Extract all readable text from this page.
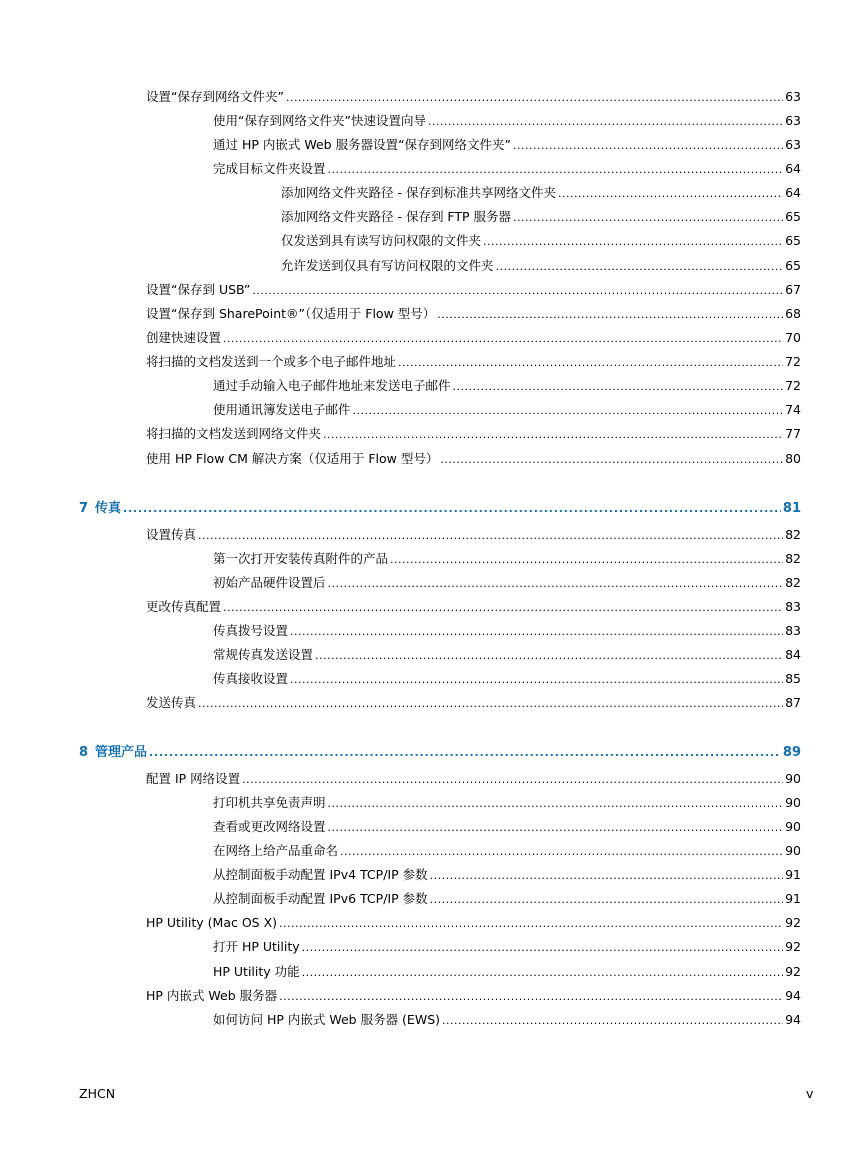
设置“保存到网络文件夹” . . .	63
使用“保存到网络文件夹”快速设置向导 . . .	63
通过 HP 内嵌式 Web 服务器设置“保存到网络文件夹” . . .	63
完成目标文件夹设置 . . .	64
添加网络文件夹路径 - 保存到标准共享网络文件夹 . . .	64
添加网络文件夹路径 - 保存到 FTP 服务器 . . .	65
仅发送到具有读写访问权限的文件夹 . . .	65
允许发送到仅具有写访问权限的文件夹 . . .	65
设置“保存到 USB” . . .	67
设置“保存到 SharePoint®”（仅适用于 Flow 型号） . . .	68
创建快速设置 . . .	70
将扫描的文档发送到一个或多个电子邮件地址 . . .	72
通过手动输入电子邮件地址来发送电子邮件 . . .	72
使用通讯簿发送电子邮件 . . .	74
将扫描的文档发送到网络文件夹 . . .	77
使用 HP Flow CM 解决方案（仅适用于 Flow 型号） . . .	80
7 传真 . . .	81
设置传真 . . .	82
第一次打开安装传真附件的产品 . . .	82
初始产品硬件设置后 . . .	82
更改传真配置 . . .	83
传真拨号设置 . . .	83
常规传真发送设置 . . .	84
传真接收设置 . . .	85
发送传真 . . .	87
8 管理产品 . . .	89
配置 IP 网络设置 . . .	90
打印机共享免责声明 . . .	90
查看或更改网络设置 . . .	90
在网络上给产品重命名 . . .	90
从控制面板手动配置 IPv4 TCP/IP 参数 . . .	91
从控制面板手动配置 IPv6 TCP/IP 参数 . . .	91
HP Utility (Mac OS X) . . .	92
打开 HP Utility . . .	92
HP Utility 功能 . . .	92
HP 内嵌式 Web 服务器 . . .	94
如何访问 HP 内嵌式 Web 服务器 (EWS) . . .	94
ZHCN	v
